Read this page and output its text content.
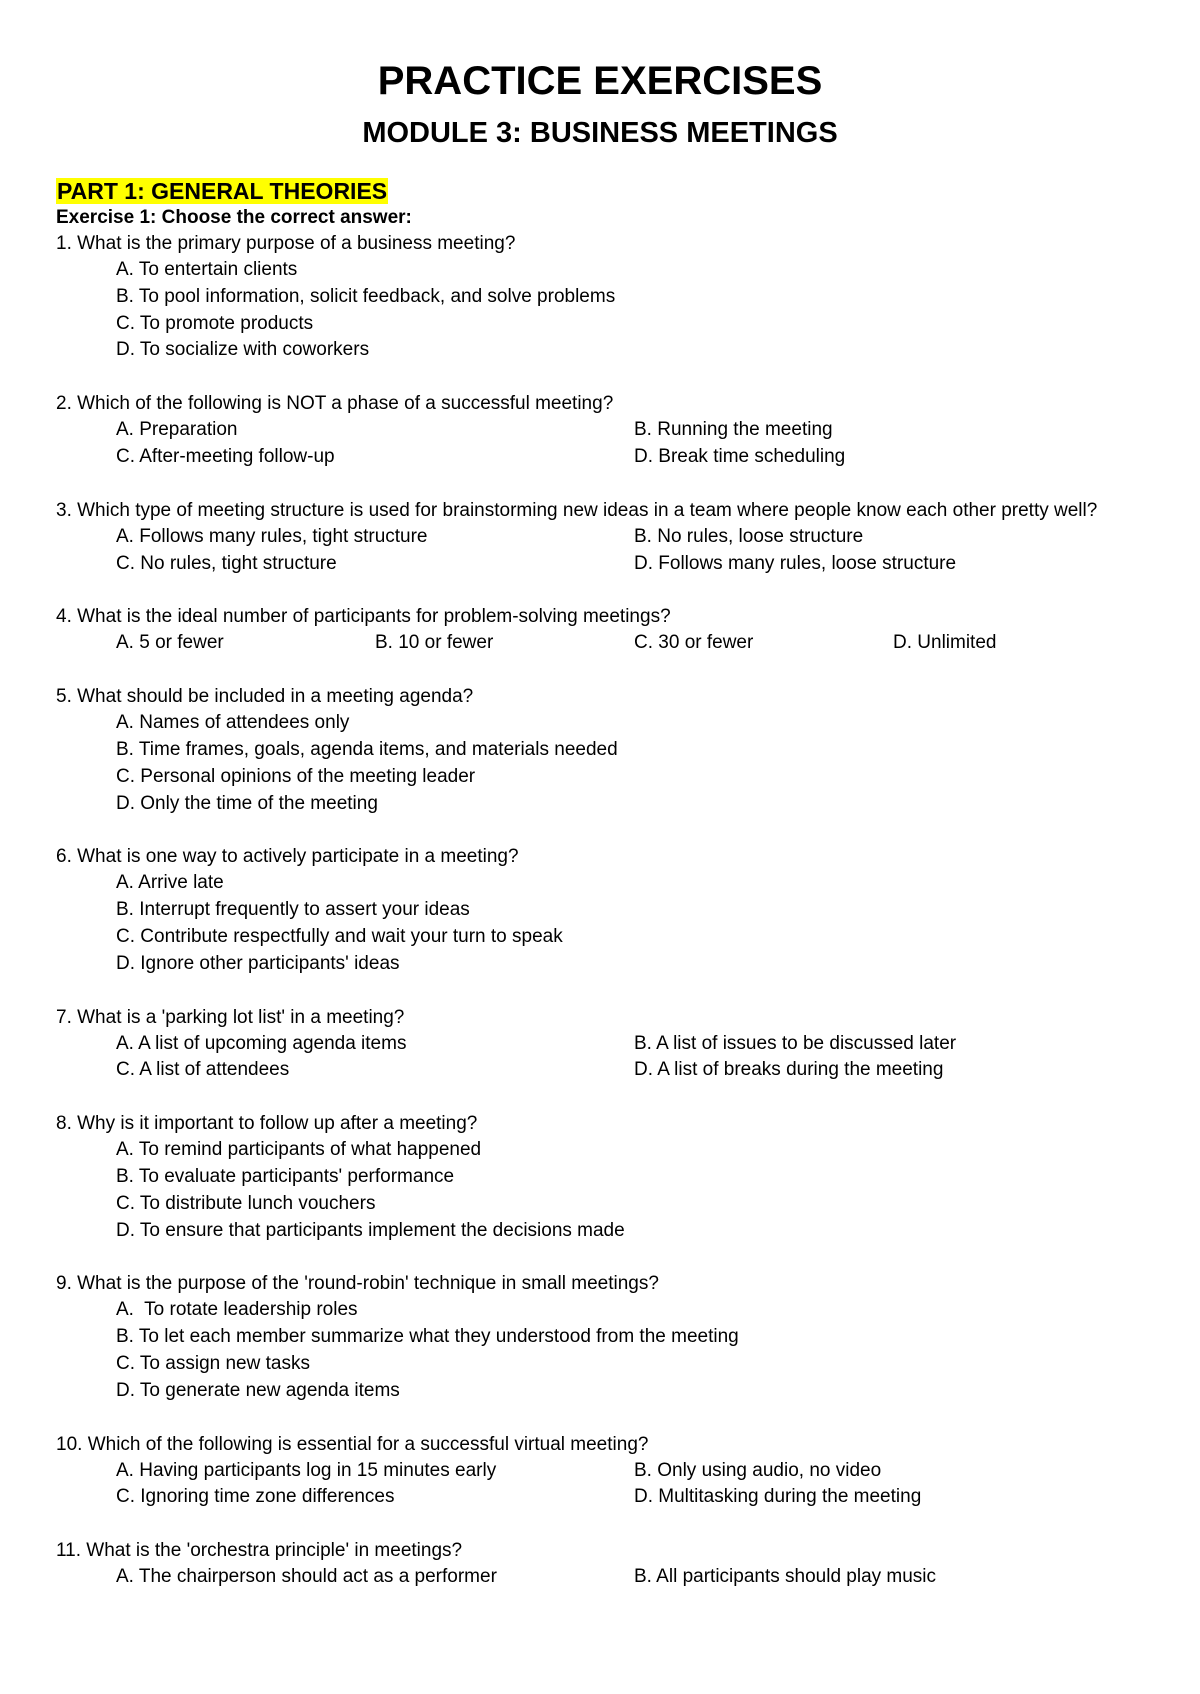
PRACTICE EXERCISES
MODULE 3: BUSINESS MEETINGS
PART 1: GENERAL THEORIES
Exercise 1: Choose the correct answer:
1. What is the primary purpose of a business meeting?
A. To entertain clients
B. To pool information, solicit feedback, and solve problems
C. To promote products
D. To socialize with coworkers
2. Which of the following is NOT a phase of a successful meeting?
A. Preparation	B. Running the meeting
C. After-meeting follow-up	D. Break time scheduling
3. Which type of meeting structure is used for brainstorming new ideas in a team where people know each other pretty well?
A. Follows many rules, tight structure	B. No rules, loose structure
C. No rules, tight structure	D. Follows many rules, loose structure
4. What is the ideal number of participants for problem-solving meetings?
A. 5 or fewer	B. 10 or fewer	C. 30 or fewer	D. Unlimited
5. What should be included in a meeting agenda?
A. Names of attendees only
B. Time frames, goals, agenda items, and materials needed
C. Personal opinions of the meeting leader
D. Only the time of the meeting
6. What is one way to actively participate in a meeting?
A. Arrive late
B. Interrupt frequently to assert your ideas
C. Contribute respectfully and wait your turn to speak
D. Ignore other participants' ideas
7. What is a 'parking lot list' in a meeting?
A. A list of upcoming agenda items	B. A list of issues to be discussed later
C. A list of attendees	D. A list of breaks during the meeting
8. Why is it important to follow up after a meeting?
A. To remind participants of what happened
B. To evaluate participants' performance
C. To distribute lunch vouchers
D. To ensure that participants implement the decisions made
9. What is the purpose of the 'round-robin' technique in small meetings?
A.  To rotate leadership roles
B. To let each member summarize what they understood from the meeting
C. To assign new tasks
D. To generate new agenda items
10. Which of the following is essential for a successful virtual meeting?
A. Having participants log in 15 minutes early	B. Only using audio, no video
C. Ignoring time zone differences	D. Multitasking during the meeting
11. What is the 'orchestra principle' in meetings?
A. The chairperson should act as a performer	B. All participants should play music
